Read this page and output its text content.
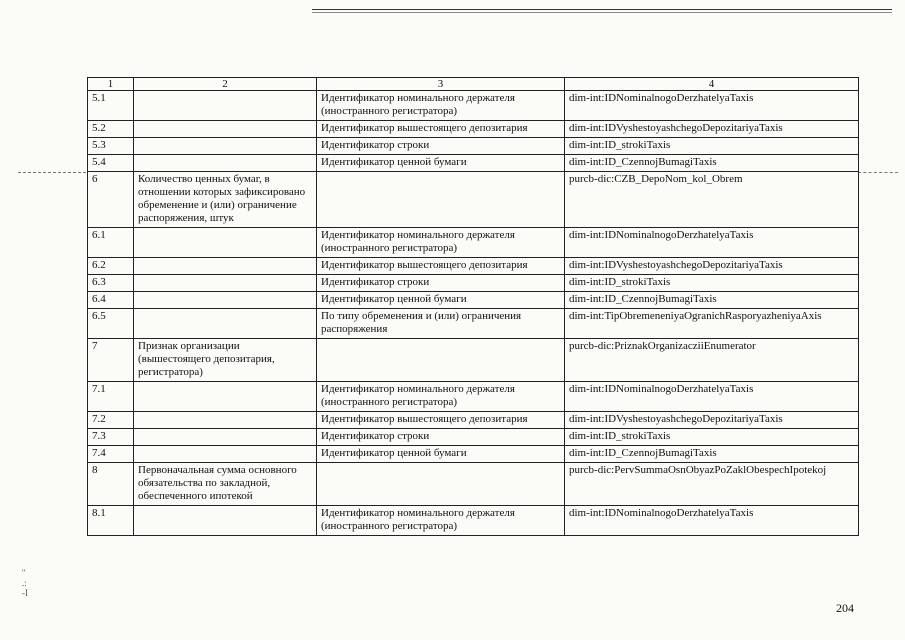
''
.:
-I
1	2	3	4
5.1		Идентификатор номинального держателя (иностранного регистратора)	dim-int:IDNominalnogoDerzhatelyaTaxis
5.2		Идентификатор вышестоящего депозитария	dim-int:IDVyshestoyashchegoDepozitariyaTaxis
5.3		Идентификатор строки	dim-int:ID_strokiTaxis
5.4		Идентификатор ценной бумаги	dim-int:ID_CzennojBumagiTaxis
6	Количество ценных бумаг, в отношении которых зафиксировано обременение и (или) ограничение распоряжения, штук		purcb-dic:CZB_DepoNom_kol_Obrem
6.1		Идентификатор номинального держателя (иностранного регистратора)	dim-int:IDNominalnogoDerzhatelyaTaxis
6.2		Идентификатор вышестоящего депозитария	dim-int:IDVyshestoyashchegoDepozitariyaTaxis
6.3		Идентификатор строки	dim-int:ID_strokiTaxis
6.4		Идентификатор ценной бумаги	dim-int:ID_CzennojBumagiTaxis
6.5		По типу обременения и (или) ограничения распоряжения	dim-int:TipObremeneniyaOgranichRasporyazheniyaAxis
7	Признак организации (вышестоящего депозитария, регистратора)		purcb-dic:PriznakOrganizacziiEnumerator
7.1		Идентификатор номинального держателя (иностранного регистратора)	dim-int:IDNominalnogoDerzhatelyaTaxis
7.2		Идентификатор вышестоящего депозитария	dim-int:IDVyshestoyashchegoDepozitariyaTaxis
7.3		Идентификатор строки	dim-int:ID_strokiTaxis
7.4		Идентификатор ценной бумаги	dim-int:ID_CzennojBumagiTaxis
8	Первоначальная сумма основного обязательства по закладной, обеспеченного ипотекой		purcb-dic:PervSummaOsnObyazPoZaklObespechIpotekoj
8.1		Идентификатор номинального держателя (иностранного регистратора)	dim-int:IDNominalnogoDerzhatelyaTaxis
204
